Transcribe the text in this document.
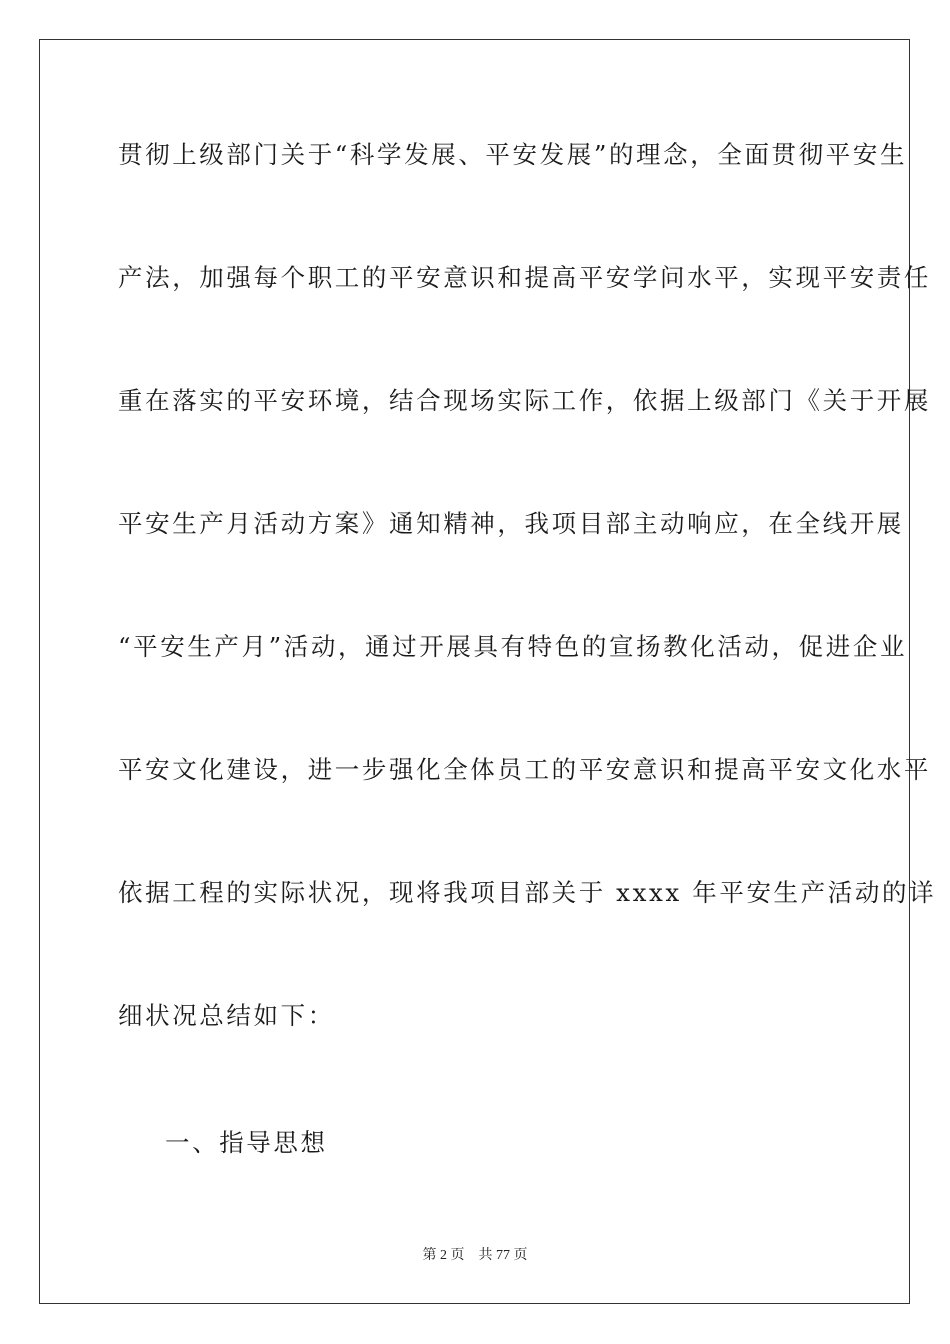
贯彻上级部门关于“科学发展、平安发展”的理念，全面贯彻平安生
产法，加强每个职工的平安意识和提高平安学问水平，实现平安责任
重在落实的平安环境，结合现场实际工作，依据上级部门《关于开展
平安生产月活动方案》通知精神，我项目部主动响应，在全线开展
“平安生产月”活动，通过开展具有特色的宣扬教化活动，促进企业
平安文化建设，进一步强化全体员工的平安意识和提高平安文化水平
依据工程的实际状况，现将我项目部关于 xxxx 年平安生产活动的详
细状况总结如下：
一、指导思想
第 2 页 共 77 页
